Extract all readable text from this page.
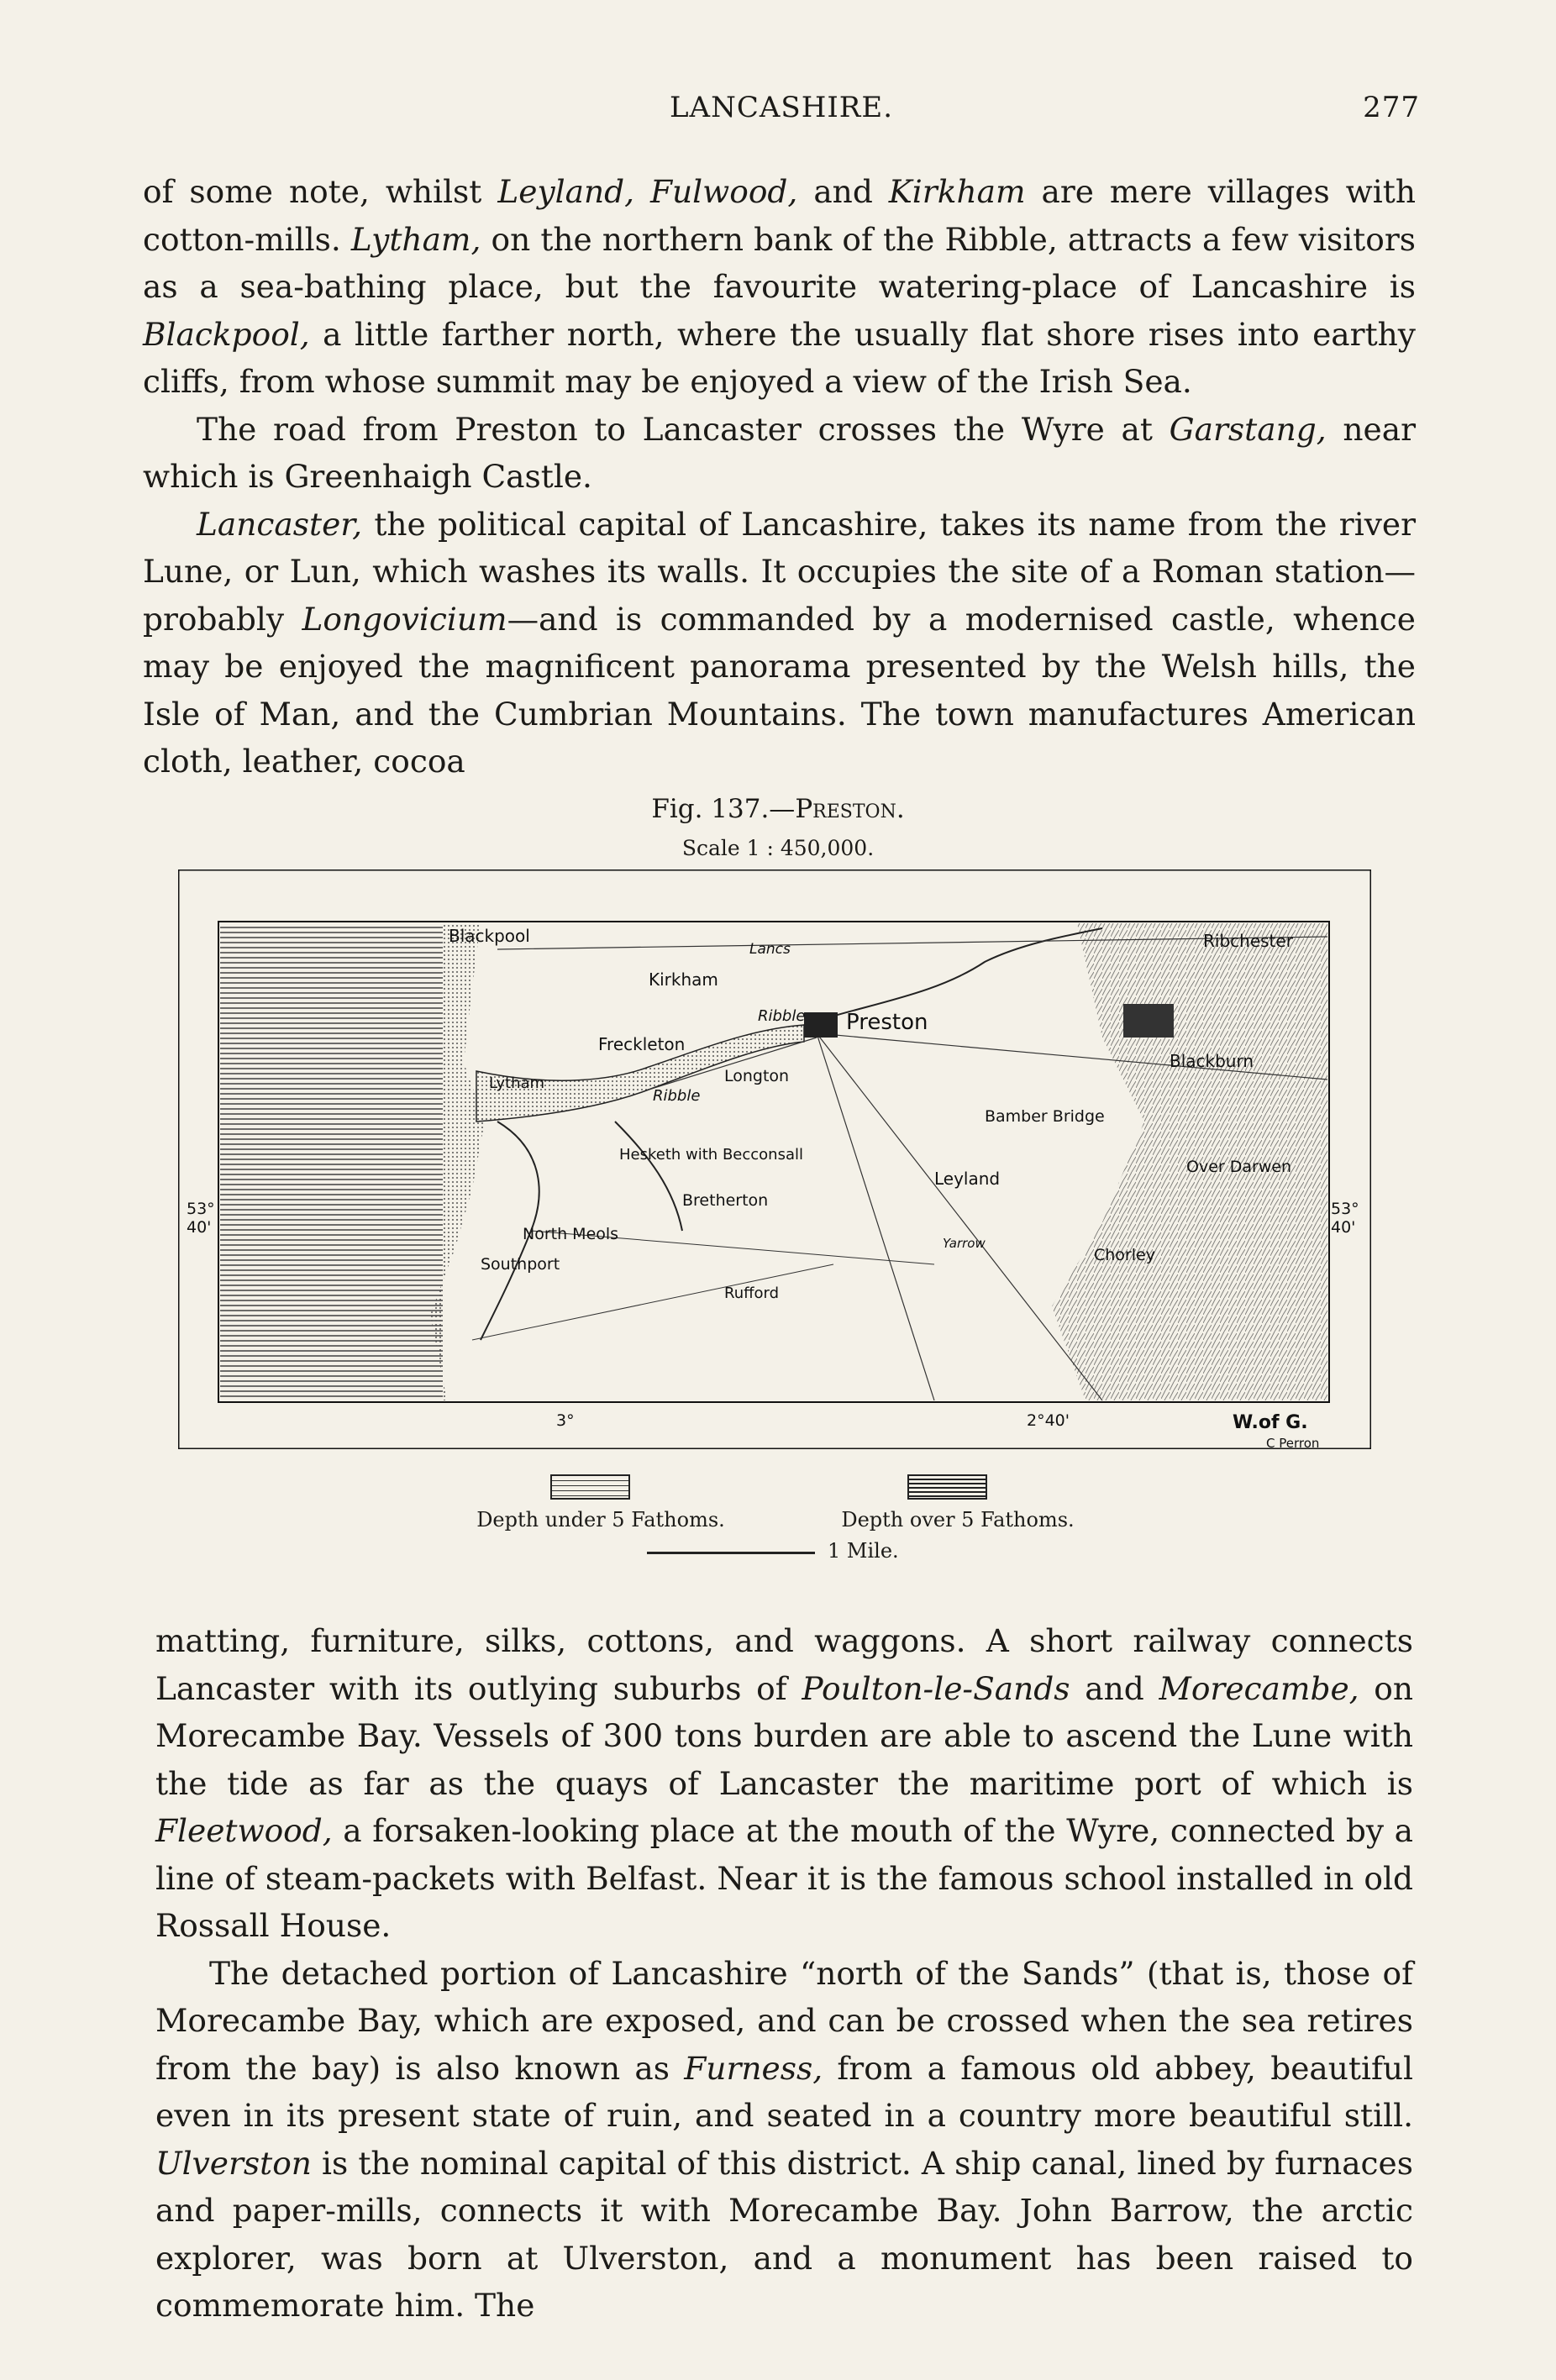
LANCASHIRE.	277

of some note, whilst Leyland, Fulwood, and Kirkham are mere villages with cotton-mills. Lytham, on the northern bank of the Ribble, attracts a few visitors as a sea-bathing place, but the favourite watering-place of Lancashire is Blackpool, a little farther north, where the usually flat shore rises into earthy cliffs, from whose summit may be enjoyed a view of the Irish Sea.

The road from Preston to Lancaster crosses the Wyre at Garstang, near which is Greenhaigh Castle.

Lancaster, the political capital of Lancashire, takes its name from the river Lune, or Lun, which washes its walls. It occupies the site of a Roman station—probably Longovicium—and is commanded by a modernised castle, whence may be enjoyed the magnificent panorama presented by the Welsh hills, the Isle of Man, and the Cumbrian Mountains. The town manufactures American cloth, leather, cocoa

Fig. 137.—Preston.
Scale 1 : 450,000.
Blackpool
Kirkham
Lancs	Ribchester
Preston
Ribble
Ribble
Freckleton
Lytham	Longton
Blackburn
Bamber Bridge
Over Darwen
Hesketh with Becconsall
Leyland
Bretherton
North Meols
Southport
Rufford
Yarrow
Chorley
53°
40'
53°
40'
3°	2°40'	W.of G.
C Perron
Depth under 5 Fathoms.	Depth over 5 Fathoms.
1 Mile.

matting, furniture, silks, cottons, and waggons. A short railway connects Lancaster with its outlying suburbs of Poulton-le-Sands and Morecambe, on Morecambe Bay. Vessels of 300 tons burden are able to ascend the Lune with the tide as far as the quays of Lancaster the maritime port of which is Fleetwood, a forsaken-looking place at the mouth of the Wyre, connected by a line of steam-packets with Belfast. Near it is the famous school installed in old Rossall House.

The detached portion of Lancashire “north of the Sands” (that is, those of Morecambe Bay, which are exposed, and can be crossed when the sea retires from the bay) is also known as Furness, from a famous old abbey, beautiful even in its present state of ruin, and seated in a country more beautiful still. Ulverston is the nominal capital of this district. A ship canal, lined by furnaces and paper-mills, connects it with Morecambe Bay. John Barrow, the arctic explorer, was born at Ulverston, and a monument has been raised to commemorate him. The
